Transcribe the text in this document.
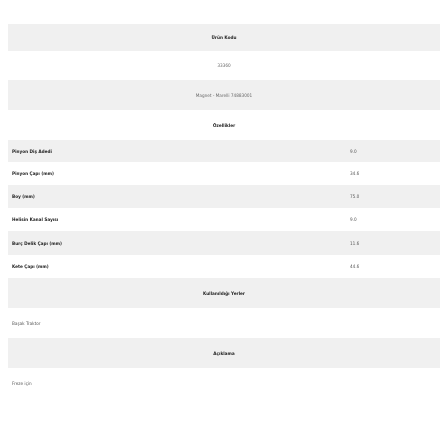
Ürün Kodu
33360
Magnet - Marelli 74883001
Özellikler
Pinyon Diş Adedi	9.0
Pinyon Çapı (mm)	34.6
Boy (mm)	75.0
Helisin Kanal Sayısı	9.0
Burç Delik Çapı (mm)	11.6
Kete Çapı (mm)	44.6
Kullanıldığı Yerler
Başak Traktor
Açıklama
Freze için
